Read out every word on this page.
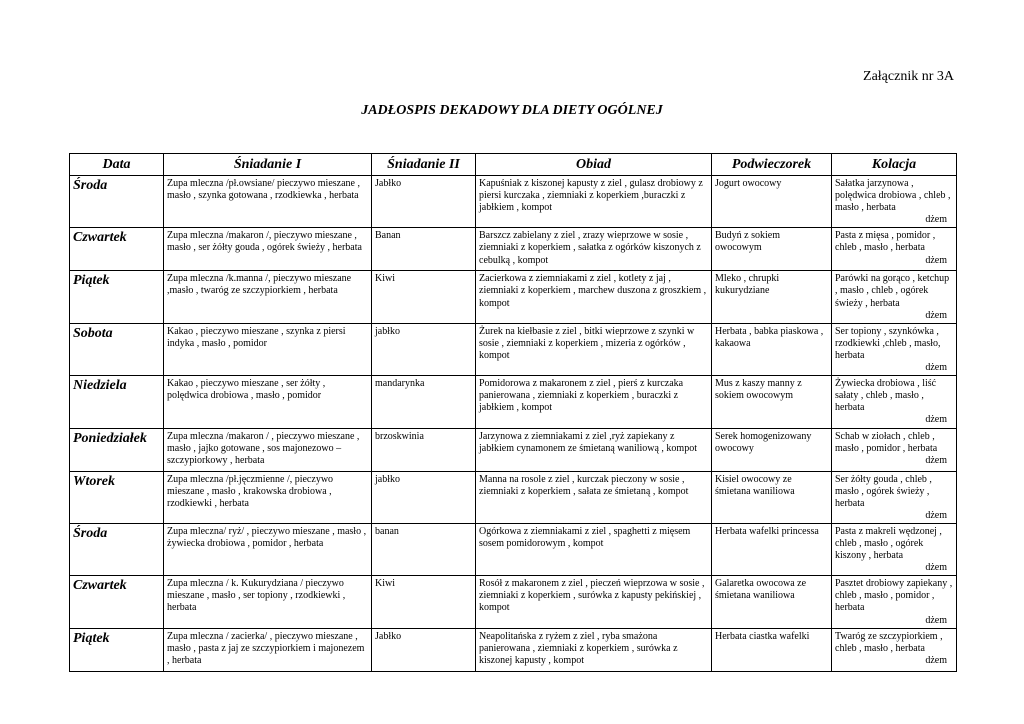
Załącznik nr 3A
JADŁOSPIS DEKADOWY DLA DIETY OGÓLNEJ
Data	Śniadanie I	Śniadanie II	Obiad	Podwieczorek	Kolacja
Środa	Zupa mleczna /pł.owsiane/ pieczywo mieszane , masło , szynka gotowana , rzodkiewka , herbata	Jabłko	Kapuśniak z kiszonej kapusty z ziel , gulasz drobiowy z piersi kurczaka , ziemniaki z koperkiem ,buraczki z jabłkiem , kompot	Jogurt owocowy	Sałatka jarzynowa , polędwica drobiowa , chleb , masło , herbata
dżem

Czwartek	Zupa mleczna /makaron /, pieczywo mieszane , masło , ser żółty gouda , ogórek świeży , herbata	Banan	Barszcz zabielany z ziel , zrazy wieprzowe w sosie , ziemniaki z koperkiem , sałatka z ogórków kiszonych z cebulką , kompot	Budyń z sokiem owocowym	Pasta z mięsa , pomidor , chleb , masło , herbata
dżem

Piątek	Zupa mleczna /k.manna /, pieczywo mieszane ,masło , twaróg ze szczypiorkiem , herbata	Kiwi	Zacierkowa z ziemniakami z ziel , kotlety z jaj , ziemniaki z koperkiem , marchew duszona z groszkiem , kompot	Mleko , chrupki kukurydziane	Parówki na gorąco , ketchup , masło , chleb , ogórek świeży , herbata
dżem

Sobota	Kakao , pieczywo mieszane , szynka z piersi indyka , masło , pomidor	jabłko	Żurek na kiełbasie z ziel , bitki wieprzowe z szynki w sosie , ziemniaki z koperkiem , mizeria z ogórków , kompot	Herbata , babka piaskowa , kakaowa	Ser topiony , szynkówka , rzodkiewki ,chleb , masło, herbata
dżem

Niedziela	Kakao , pieczywo mieszane , ser żółty , polędwica drobiowa , masło , pomidor	mandarynka	Pomidorowa z makaronem z ziel , pierś z kurczaka panierowana , ziemniaki z koperkiem , buraczki z jabłkiem , kompot	Mus z kaszy manny z sokiem owocowym	Żywiecka drobiowa , liść sałaty , chleb , masło , herbata
dżem

Poniedziałek	Zupa mleczna /makaron / , pieczywo mieszane , masło , jajko gotowane , sos majonezowo – szczypiorkowy , herbata	brzoskwinia	Jarzynowa z ziemniakami z ziel ,ryż zapiekany z jabłkiem cynamonem ze śmietaną waniliową , kompot	Serek homogenizowany owocowy	Schab w ziołach , chleb , masło , pomidor , herbata
dżem

Wtorek	Zupa mleczna /pł.jęczmienne /, pieczywo mieszane , masło , krakowska drobiowa , rzodkiewki , herbata	jabłko	Manna na rosole z ziel , kurczak pieczony w sosie , ziemniaki z koperkiem , sałata ze śmietaną , kompot	Kisiel owocowy ze śmietana waniliowa	Ser żółty gouda , chleb , masło , ogórek świeży , herbata
dżem

Środa	Zupa mleczna/ ryż/ , pieczywo mieszane , masło , żywiecka drobiowa , pomidor , herbata	banan	Ogórkowa z ziemniakami z ziel , spaghetti z mięsem sosem pomidorowym , kompot	Herbata wafelki princessa	Pasta z makreli wędzonej , chleb , masło , ogórek kiszony , herbata
dżem

Czwartek	Zupa mleczna / k. Kukurydziana / pieczywo mieszane , masło , ser topiony , rzodkiewki , herbata	Kiwi	Rosół z makaronem z ziel , pieczeń wieprzowa w sosie , ziemniaki z koperkiem , surówka z kapusty pekińskiej , kompot	Galaretka owocowa ze śmietana waniliowa	Pasztet drobiowy zapiekany , chleb , masło , pomidor , herbata
dżem

Piątek	Zupa mleczna / zacierka/ , pieczywo mieszane , masło , pasta z jaj ze szczypiorkiem i majonezem , herbata	Jabłko	Neapolitańska z ryżem z ziel , ryba smażona panierowana , ziemniaki z koperkiem , surówka z kiszonej kapusty , kompot	Herbata ciastka wafelki	Twaróg ze szczypiorkiem , chleb , masło , herbata
dżem
